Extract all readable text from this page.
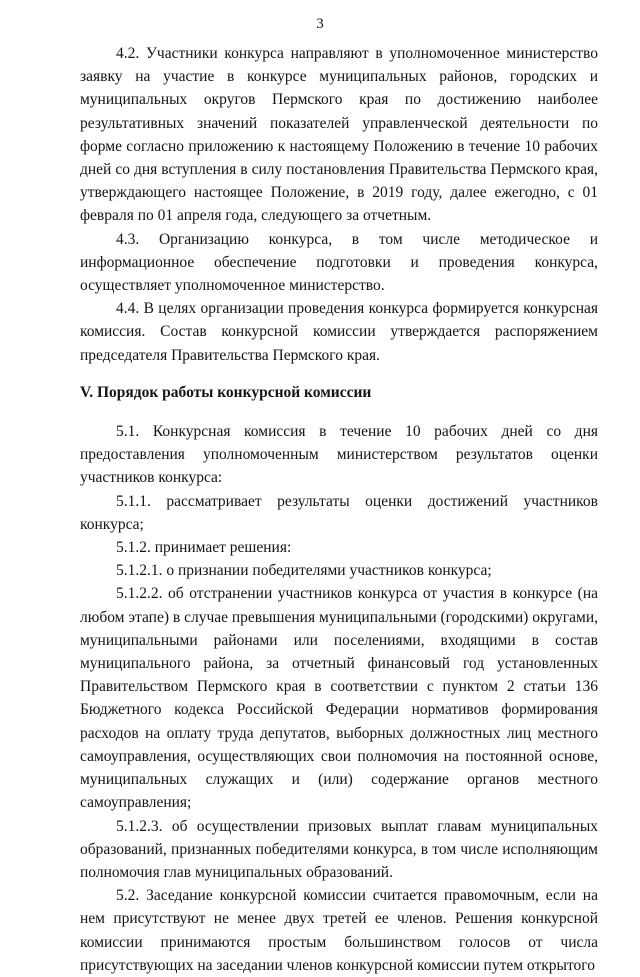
3

4.2. Участники конкурса направляют в уполномоченное министерство заявку на участие в конкурсе муниципальных районов, городских и муниципальных округов Пермского края по достижению наиболее результативных значений показателей управленческой деятельности по форме согласно приложению к настоящему Положению в течение 10 рабочих дней со дня вступления в силу постановления Правительства Пермского края, утверждающего настоящее Положение, в 2019 году, далее ежегодно, с 01 февраля по 01 апреля года, следующего за отчетным.

4.3. Организацию конкурса, в том числе методическое и информационное обеспечение подготовки и проведения конкурса, осуществляет уполномоченное министерство.

4.4. В целях организации проведения конкурса формируется конкурсная комиссия. Состав конкурсной комиссии утверждается распоряжением председателя Правительства Пермского края.

V. Порядок работы конкурсной комиссии

5.1. Конкурсная комиссия в течение 10 рабочих дней со дня предоставления уполномоченным министерством результатов оценки участников конкурса:

5.1.1. рассматривает результаты оценки достижений участников конкурса;

5.1.2. принимает решения:

5.1.2.1. о признании победителями участников конкурса;

5.1.2.2. об отстранении участников конкурса от участия в конкурсе (на любом этапе) в случае превышения муниципальными (городскими) округами, муниципальными районами или поселениями, входящими в состав муниципального района, за отчетный финансовый год установленных Правительством Пермского края в соответствии с пунктом 2 статьи 136 Бюджетного кодекса Российской Федерации нормативов формирования расходов на оплату труда депутатов, выборных должностных лиц местного самоуправления, осуществляющих свои полномочия на постоянной основе, муниципальных служащих и (или) содержание органов местного самоуправления;

5.1.2.3. об осуществлении призовых выплат главам муниципальных образований, признанных победителями конкурса, в том числе исполняющим полномочия глав муниципальных образований.

5.2. Заседание конкурсной комиссии считается правомочным, если на нем присутствуют не менее двух третей ее членов. Решения конкурсной комиссии принимаются простым большинством голосов от числа присутствующих на заседании членов конкурсной комиссии путем открытого
